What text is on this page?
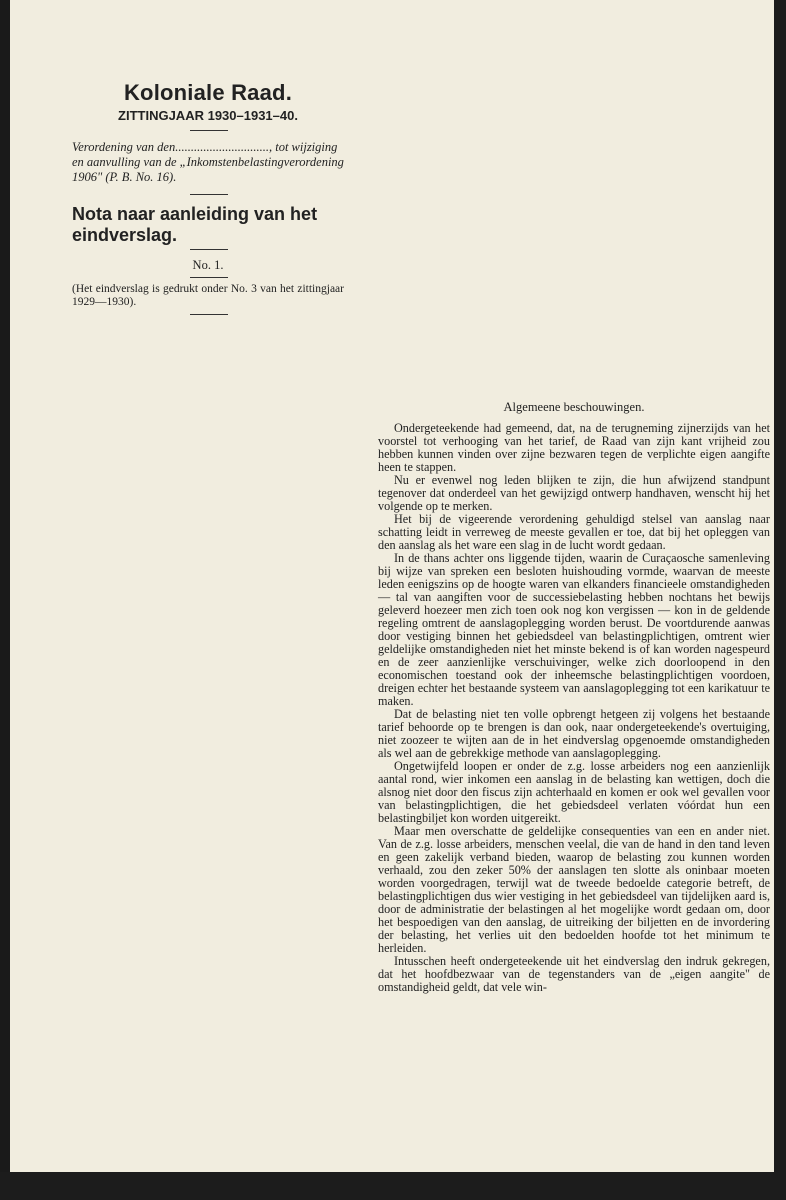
Koloniale Raad.
ZITTINGJAAR 1930–1931–40.
Verordening van den.............................., tot wijziging en aanvulling van de „Inkomstenbelastingverordening 1906" (P. B. No. 16).
Nota naar aanleiding van het eindverslag.
No. 1.
(Het eindverslag is gedrukt onder No. 3 van het zittingjaar 1929—1930).
Algemeene beschouwingen.

Ondergeteekende had gemeend, dat, na de terugneming zijnerzijds van het voorstel tot verhooging van het tarief, de Raad van zijn kant vrijheid zou hebben kunnen vinden over zijne bezwaren tegen de verplichte eigen aangifte heen te stappen.

Nu er evenwel nog leden blijken te zijn, die hun afwijzend standpunt tegenover dat onderdeel van het gewijzigd ontwerp handhaven, wenscht hij het volgende op te merken.

Het bij de vigeerende verordening gehuldigd stelsel van aanslag naar schatting leidt in verreweg de meeste gevallen er toe, dat bij het opleggen van den aanslag als het ware een slag in de lucht wordt gedaan.

In de thans achter ons liggende tijden, waarin de Curaçaosche samenleving bij wijze van spreken een besloten huishouding vormde, waarvan de meeste leden eenigszins op de hoogte waren van elkanders financieele omstandigheden — tal van aangiften voor de successiebelasting hebben nochtans het bewijs geleverd hoezeer men zich toen ook nog kon vergissen — kon in de geldende regeling omtrent de aanslagoplegging worden berust. De voortdurende aanwas door vestiging binnen het gebiedsdeel van belastingplichtigen, omtrent wier geldelijke omstandigheden niet het minste bekend is of kan worden nagespeurd en de zeer aanzienlijke verschuivinger, welke zich doorloopend in den economischen toestand ook der inheemsche belastingplichtigen voordoen, dreigen echter het bestaande systeem van aanslagoplegging tot een karikatuur te maken.

Dat de belasting niet ten volle opbrengt hetgeen zij volgens het bestaande tarief behoorde op te brengen is dan ook, naar ondergeteekende's overtuiging, niet zoozeer te wijten aan de in het eindverslag opgenoemde omstandigheden als wel aan de gebrekkige methode van aanslagoplegging.

Ongetwijfeld loopen er onder de z.g. losse arbeiders nog een aanzienlijk aantal rond, wier inkomen een aanslag in de belasting kan wettigen, doch die alsnog niet door den fiscus zijn achterhaald en komen er ook wel gevallen voor van belastingplichtigen, die het gebiedsdeel verlaten vóórdat hun een belastingbiljet kon worden uitgereikt.

Maar men overschatte de geldelijke consequenties van een en ander niet. Van de z.g. losse arbeiders, menschen veelal, die van de hand in den tand leven en geen zakelijk verband bieden, waarop de belasting zou kunnen worden verhaald, zou den zeker 50% der aanslagen ten slotte als oninbaar moeten worden voorgedragen, terwijl wat de tweede bedoelde categorie betreft, de belastingplichtigen dus wier vestiging in het gebiedsdeel van tijdelijken aard is, door de administratie der belastingen al het mogelijke wordt gedaan om, door het bespoedigen van den aanslag, de uitreiking der biljetten en de invordering der belasting, het verlies uit den bedoelden hoofde tot het minimum te herleiden.

Intusschen heeft ondergeteekende uit het eindverslag den indruk gekregen, dat het hoofdbezwaar van de tegenstanders van de „eigen aangite" de omstandigheid geldt, dat vele win-
